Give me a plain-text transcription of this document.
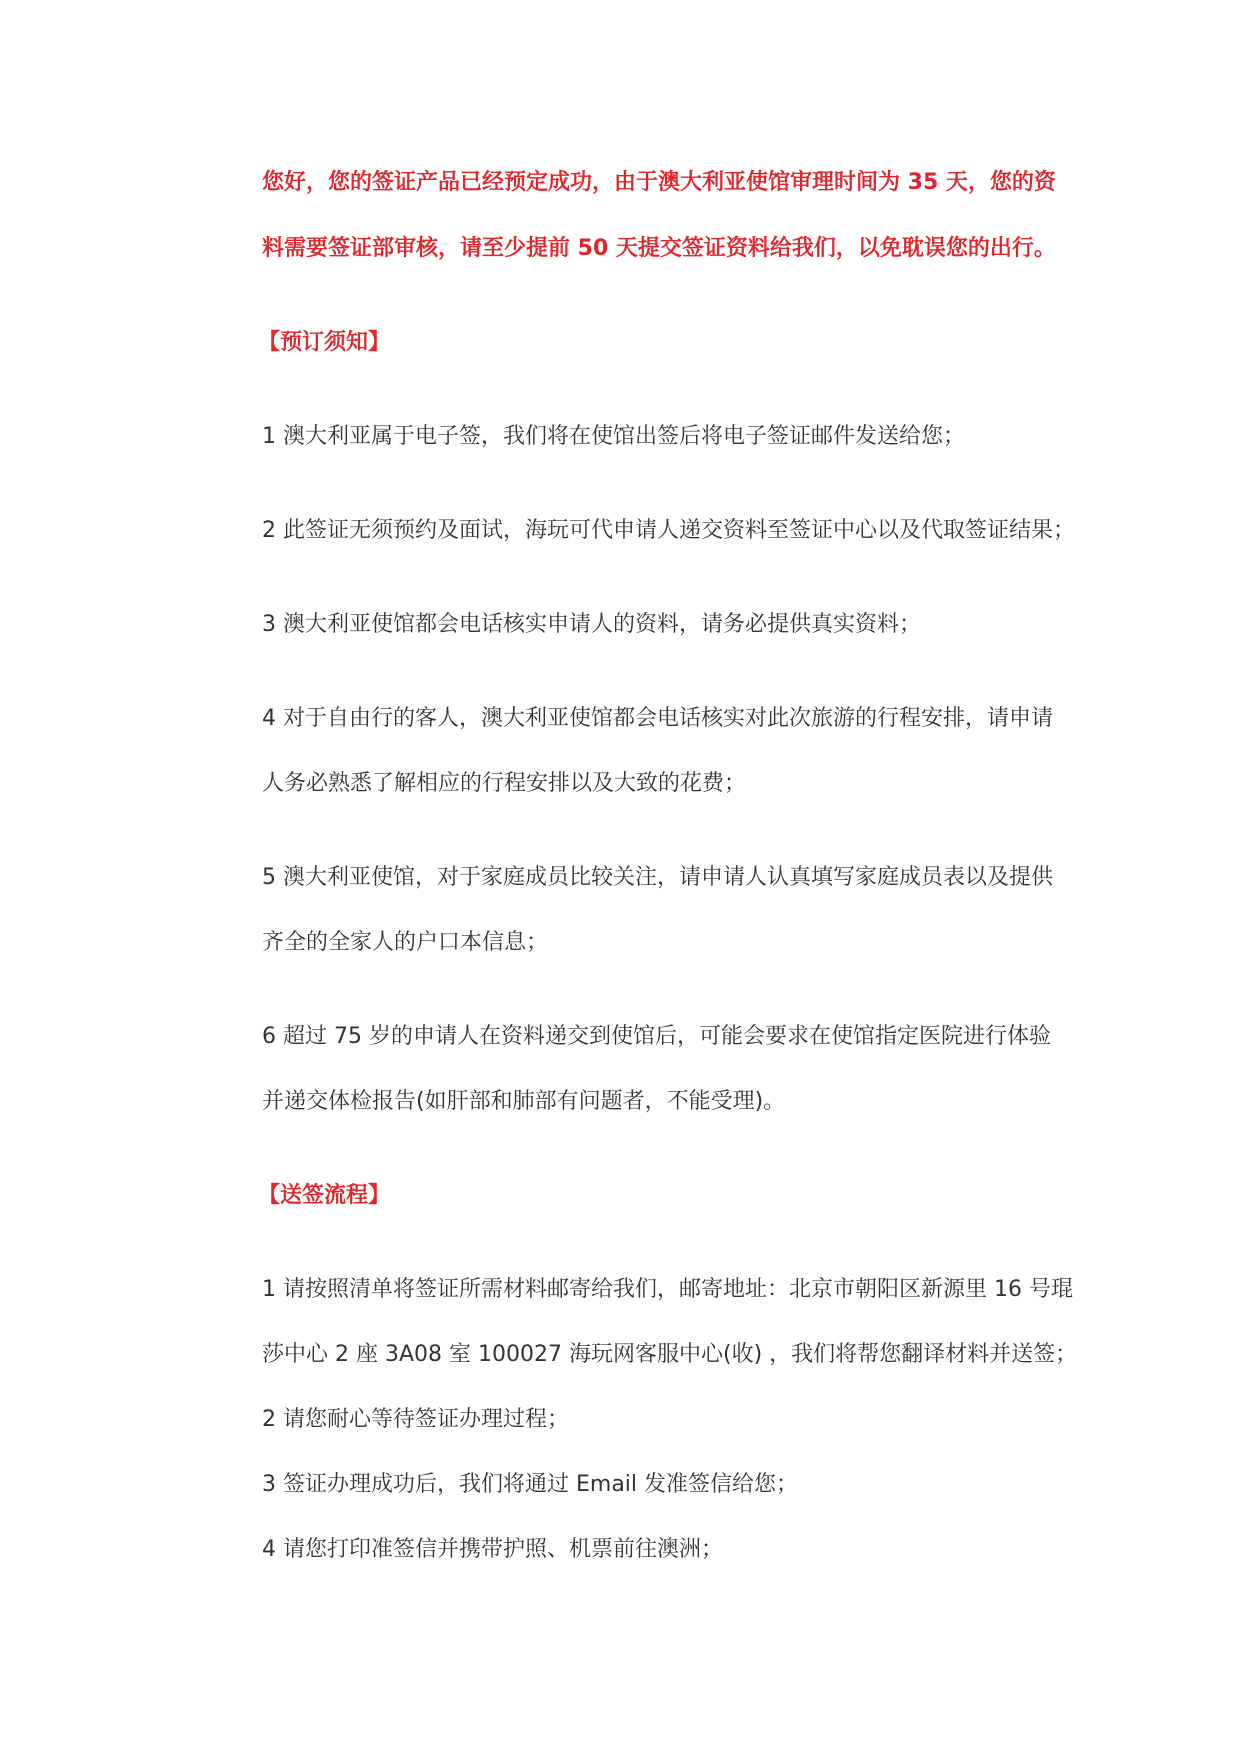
您好，您的签证产品已经预定成功，由于澳大利亚使馆审理时间为 35 天，您的资
料需要签证部审核，请至少提前 50 天提交签证资料给我们，以免耽误您的出行。
【预订须知】
1 澳大利亚属于电子签，我们将在使馆出签后将电子签证邮件发送给您；
2 此签证无须预约及面试，海玩可代申请人递交资料至签证中心以及代取签证结果；
3 澳大利亚使馆都会电话核实申请人的资料，请务必提供真实资料；
4 对于自由行的客人，澳大利亚使馆都会电话核实对此次旅游的行程安排，请申请
人务必熟悉了解相应的行程安排以及大致的花费；
5 澳大利亚使馆，对于家庭成员比较关注，请申请人认真填写家庭成员表以及提供
齐全的全家人的户口本信息；
6 超过 75 岁的申请人在资料递交到使馆后，可能会要求在使馆指定医院进行体验
并递交体检报告(如肝部和肺部有问题者，不能受理)。
【送签流程】
1 请按照清单将签证所需材料邮寄给我们，邮寄地址：北京市朝阳区新源里 16 号琨
莎中心 2 座 3A08 室 100027 海玩网客服中心(收) ，我们将帮您翻译材料并送签；
2 请您耐心等待签证办理过程；
3 签证办理成功后，我们将通过 Email 发准签信给您；
4 请您打印准签信并携带护照、机票前往澳洲；
